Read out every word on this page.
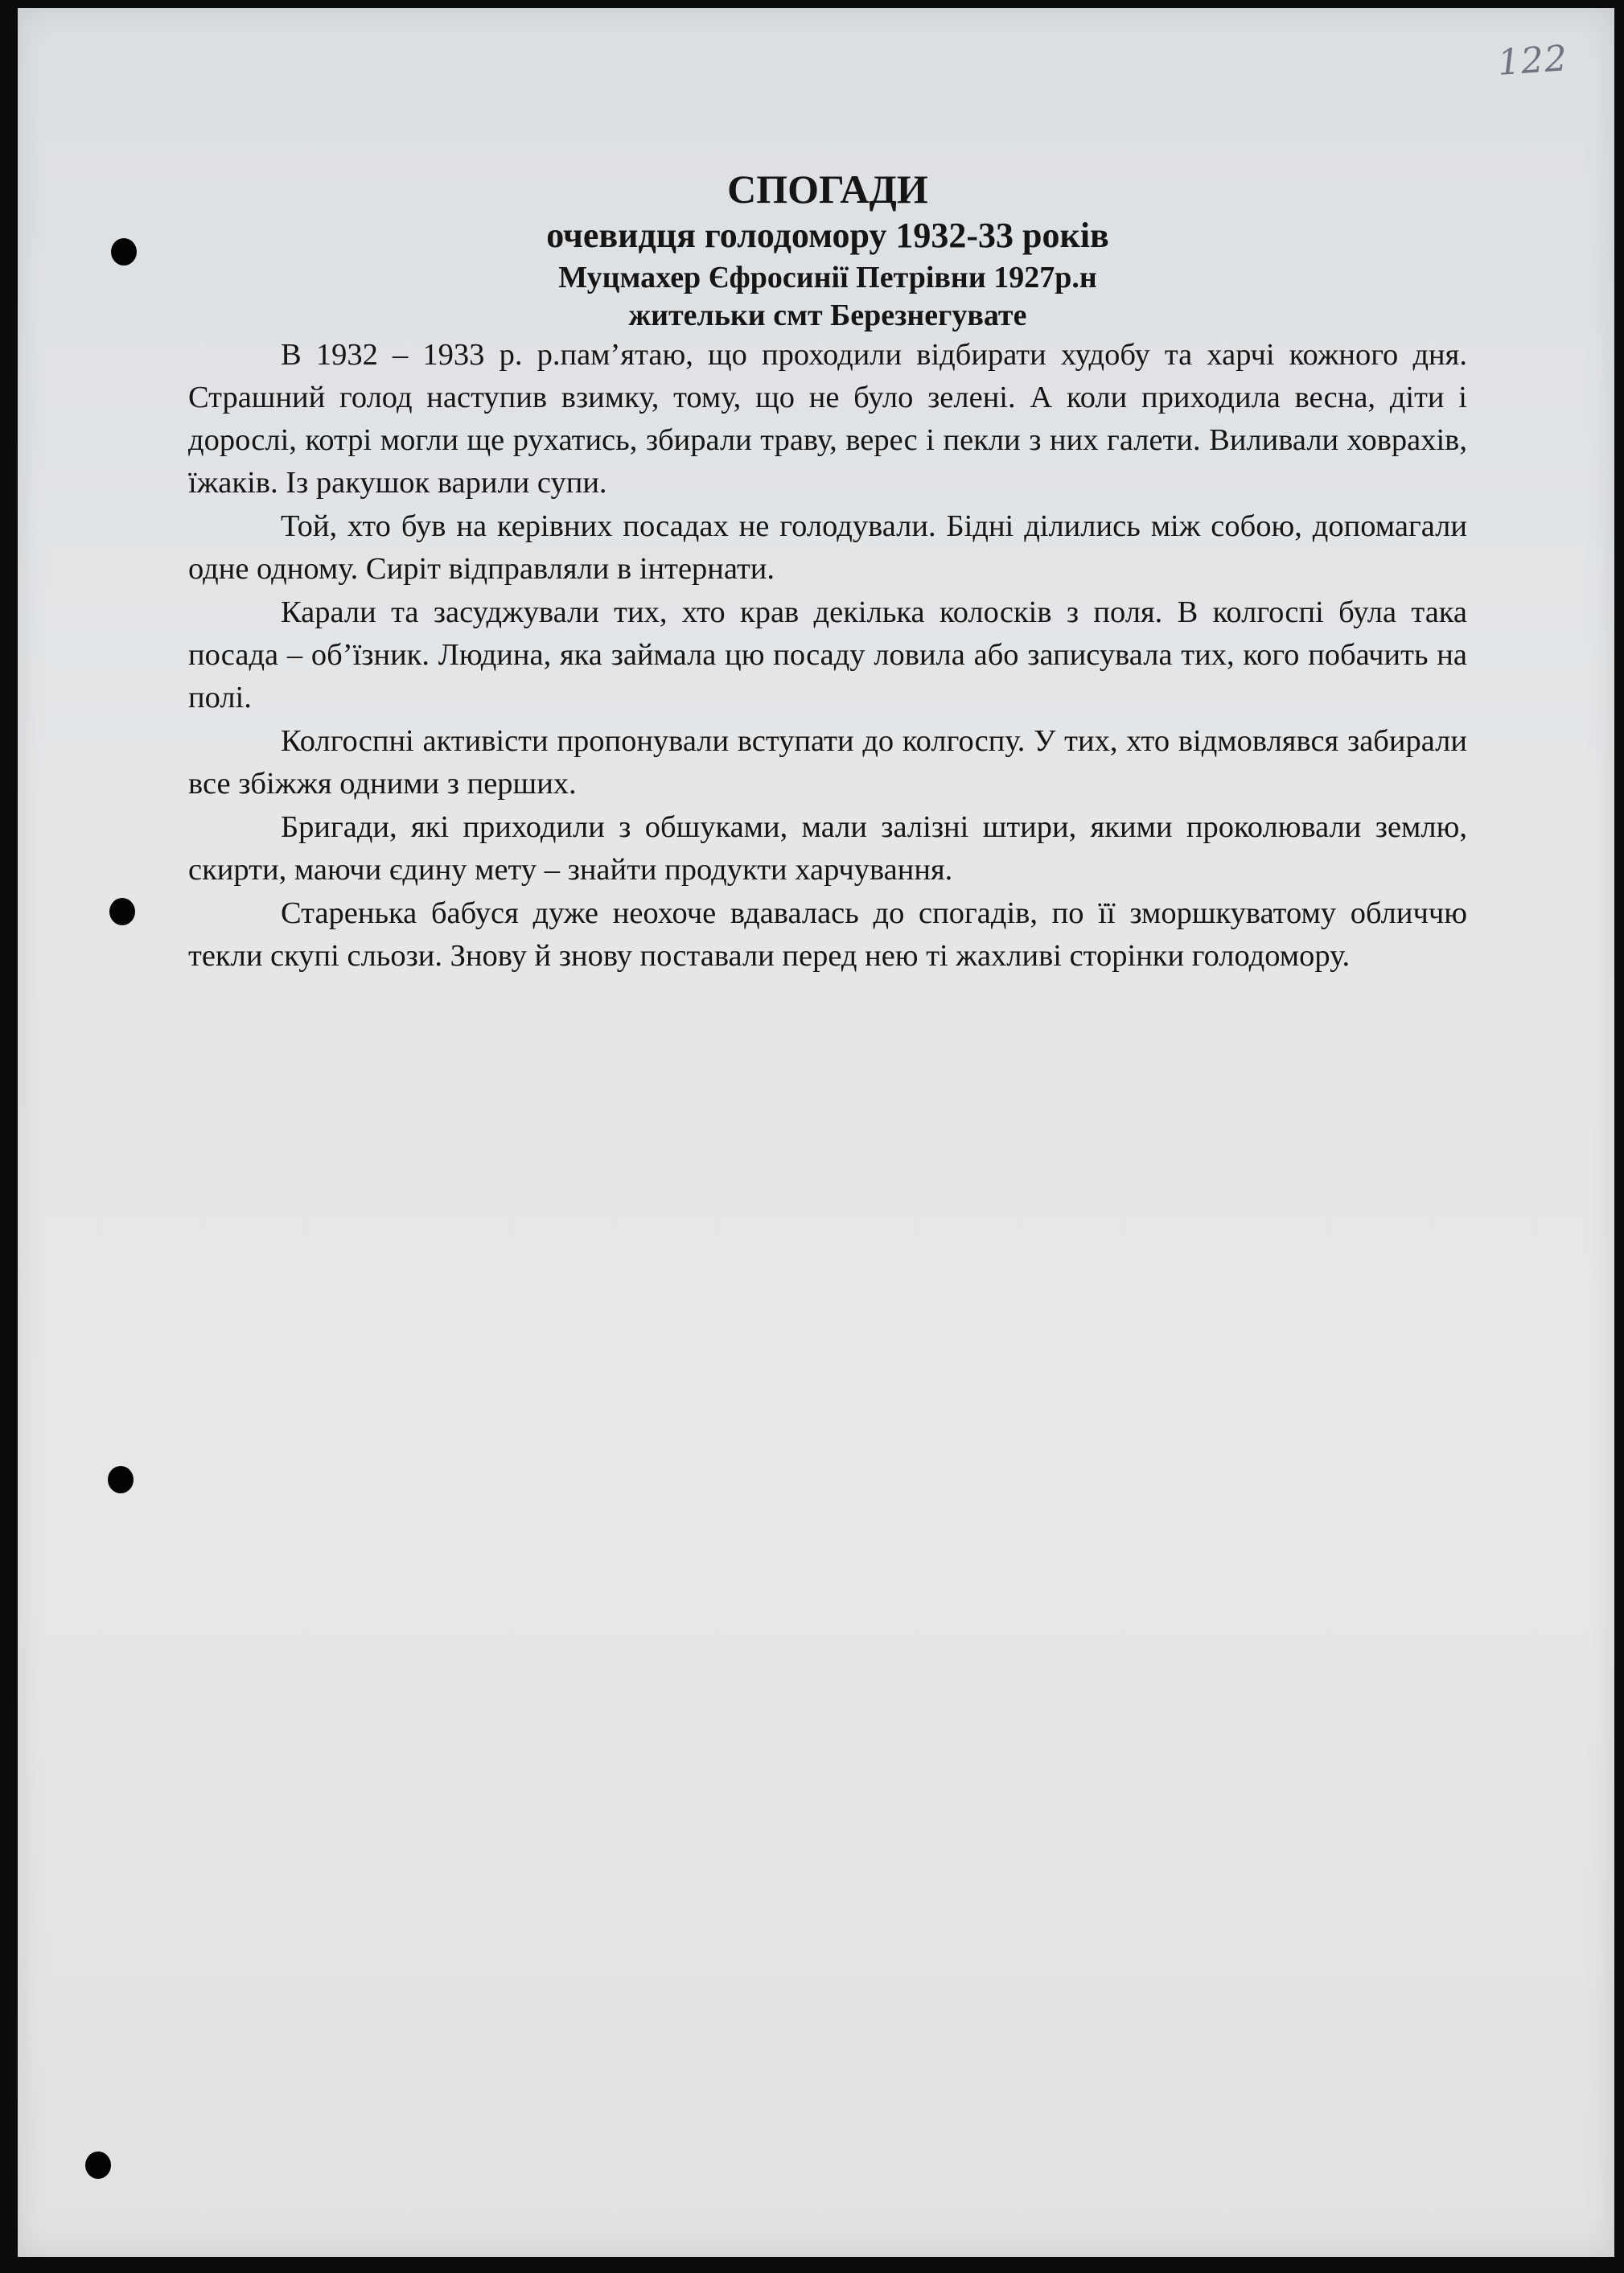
122
СПОГАДИ
очевидця голодомору 1932-33 років
Муцмахер Єфросинії Петрівни 1927р.н
жительки смт Березнегувате

В 1932 – 1933 р. р.пам’ятаю, що проходили відбирати худобу та харчі кожного дня. Страшний голод наступив взимку, тому, що не було зелені. А коли приходила весна, діти і дорослі, котрі могли ще рухатись, збирали траву, верес і пекли з них галети. Виливали ховрахів, їжаків. Із ракушок варили супи.

Той, хто був на керівних посадах не голодували. Бідні ділились між собою, допомагали одне одному. Сиріт відправляли в інтернати.

Карали та засуджували тих, хто крав декілька колосків з поля. В колгоспі була така посада – об’їзник. Людина, яка займала цю посаду ловила або записувала тих, кого побачить на полі.

Колгоспні активісти пропонували вступати до колгоспу. У тих, хто відмовлявся забирали все збіжжя одними з перших.

Бригади, які приходили з обшуками, мали залізні штири, якими проколювали землю, скирти, маючи єдину мету – знайти продукти харчування.

Старенька бабуся дуже неохоче вдавалась до спогадів, по її зморшкуватому обличчю текли скупі сльози. Знову й знову поставали перед нею ті жахливі сторінки голодомору.
